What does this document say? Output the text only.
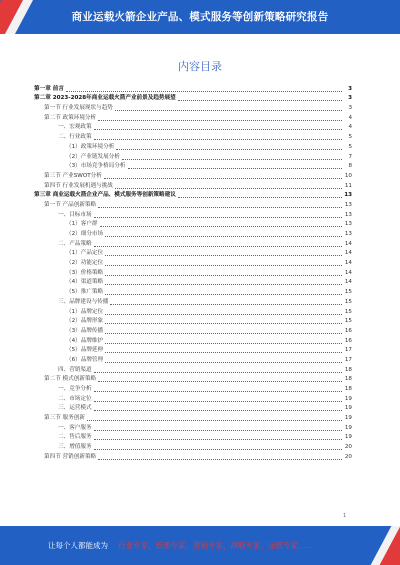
商业运载火箭企业产品、模式服务等创新策略研究报告
内容目录
第一章 前言	3
第二章 2023-2028年商业运载火箭产业前景及趋势展望	3
第一节 行业发展现状与趋势	3
第二节 政策环境分析	4
一、宏观政策	4
二、行业政策	5
（1）政策环境分析	5
（2）产业链发展分析	7
（3）市场竞争格局分析	8
第三节 产业SWOT分析	10
第四节 行业发展机遇与挑战	11
第三章 商业运载火箭企业产品、模式服务等创新策略建议	13
第一节 产品创新策略	13
一、目标市场	13
（1）客户群	13
（2）细分市场	13
二、产品策略	14
（1）产品定位	14
（2）功能定位	14
（3）价格策略	14
（4）渠道策略	14
（5）推广策略	15
三、品牌建设与传播	15
（1）品牌定位	15
（2）品牌形象	15
（3）品牌传播	16
（4）品牌维护	16
（5）品牌延伸	17
（6）品牌管理	17
四、营销渠道	18
第二节 模式创新策略	18
一、竞争分析	18
二、市场定位	19
三、运营模式	19
第三节 服务创新	19
一、客户服务	19
二、售后服务	19
三、增值服务	20
第四节 营销创新策略	20
1
让每个人都能成为 行业专家、管理专家、营销专家、战略专家、运营专家……
